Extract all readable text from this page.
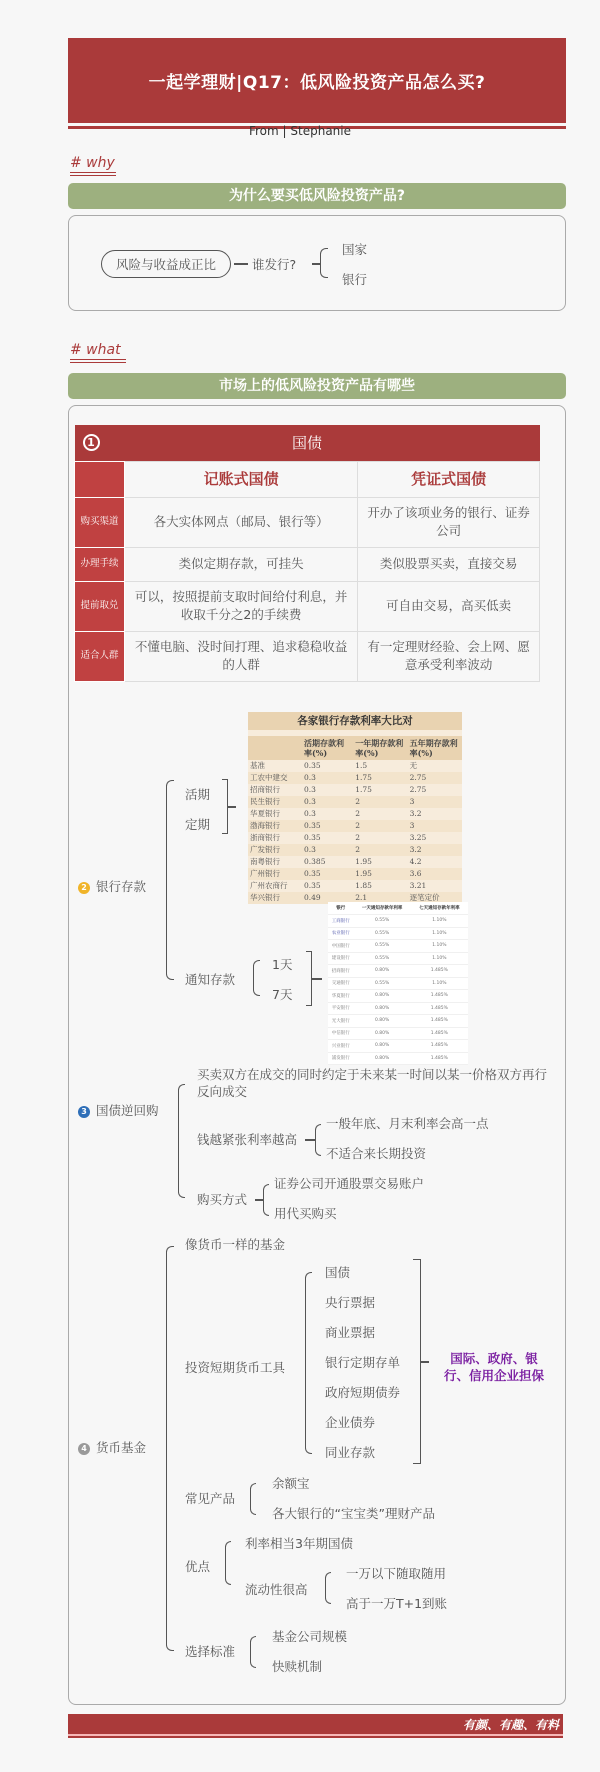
一起学理财|Q17：低风险投资产品怎么买?
From | Stephanie
# why
为什么要买低风险投资产品?
风险与收益成正比	谁发行?
国家
银行
# what
市场上的低风险投资产品有哪些
1 国债		
	记账式国债	凭证式国债
购买渠道	各大实体网点（邮局、银行等）	开办了该项业务的银行、证券公司
办理手续	类似定期存款，可挂失	类似股票买卖，直接交易
提前取兑	可以，按照提前支取时间给付利息，并收取千分之2的手续费	可自由交易，高买低卖
适合人群	不懂电脑、没时间打理、追求稳稳收益的人群	有一定理财经验、会上网、愿意承受利率波动
2 银行存款
活期
定期
各家银行存款利率大比对
	活期存款利率(%)	一年期存款利率(%)	五年期存款利率(%)
基准	0.35	1.5	无
工农中建交	0.3	1.75	2.75
招商银行	0.3	1.75	2.75
民生银行	0.3	2	3
华夏银行	0.3	2	3.2
渤海银行	0.35	2	3
浙商银行	0.35	2	3.25
广发银行	0.3	2	3.2
南粤银行	0.385	1.95	4.2
广州银行	0.35	1.95	3.6
广州农商行	0.35	1.85	3.21
华兴银行	0.49	2.1	逐笔定价
通知存款
1天
7天
银行	一天通知存款年利率	七天通知存款年利率
工商银行	0.55%	1.10%
农业银行	0.55%	1.10%
中国银行	0.55%	1.10%
建设银行	0.55%	1.10%
招商银行	0.80%	1.485%
交通银行	0.55%	1.10%
华夏银行	0.80%	1.485%
平安银行	0.80%	1.485%
光大银行	0.80%	1.485%
中信银行	0.80%	1.485%
兴业银行	0.80%	1.485%
浦发银行	0.80%	1.485%
3 国债逆回购
买卖双方在成交的同时约定于未来某一时间以某一价格双方再行反向成交
钱越紧张利率越高
一般年底、月末利率会高一点
不适合来长期投资
购买方式
证券公司开通股票交易账户
用代买购买
4 货币基金
像货币一样的基金
投资短期货币工具
国债
央行票据
商业票据
银行定期存单
政府短期债券
企业债券
同业存款
国际、政府、银行、信用企业担保
常见产品
余额宝
各大银行的“宝宝类”理财产品
优点
利率相当3年期国债
流动性很高
一万以下随取随用
高于一万T+1到账
选择标准
基金公司规模
快赎机制
有颜、有趣、有料
